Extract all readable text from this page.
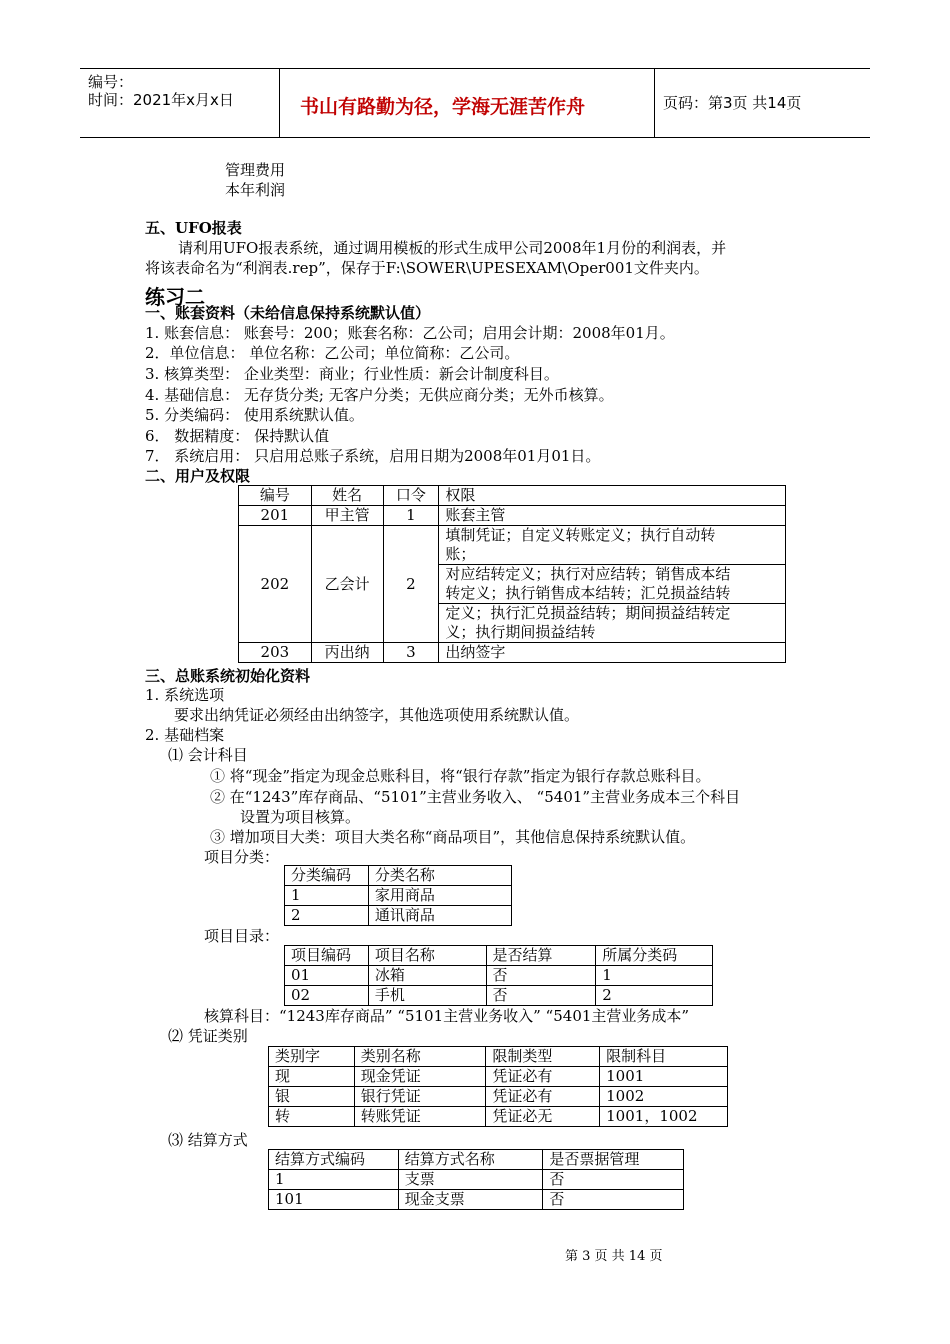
编号：
时间：2021年x月x日	书山有路勤为径，学海无涯苦作舟	页码：第3页 共14页
管理费用
本年利润
五、UFO报表
请利用UFO报表系统，通过调用模板的形式生成甲公司2008年1月份的利润表，并
将该表命名为“利润表.rep”，保存于F:\SOWER\UPESEXAM\Oper001文件夹内。
练习二
一、账套资料（未给信息保持系统默认值）
1. 账套信息： 账套号：200；账套名称：乙公司；启用会计期：2008年01月。
2．单位信息： 单位名称：乙公司；单位简称：乙公司。
3. 核算类型： 企业类型：商业；行业性质：新会计制度科目。
4. 基础信息： 无存货分类; 无客户分类；无供应商分类；无外币核算。
5. 分类编码： 使用系统默认值。
6． 数据精度： 保持默认值
7． 系统启用： 只启用总账子系统，启用日期为2008年01月01日。
二、用户及权限
编号	姓名	口令	权限
201	甲主管	1	账套主管
202	乙会计	2	填制凭证；自定义转账定义；执行自动转
账；

			对应结转定义；执行对应结转；销售成本结
转定义；执行销售成本结转；汇兑损益结转

			定义；执行汇兑损益结转；期间损益结转定
义；执行期间损益结转

203	丙出纳	3	出纳签字
三、总账系统初始化资料
1. 系统选项
要求出纳凭证必须经由出纳签字，其他选项使用系统默认值。
2. 基础档案
⑴ 会计科目
① 将“现金”指定为现金总账科目，将“银行存款”指定为银行存款总账科目。
② 在“1243”库存商品、“5101”主营业务收入、 “5401”主营业务成本三个科目
设置为项目核算。
③ 增加项目大类：项目大类名称“商品项目”，其他信息保持系统默认值。
项目分类：
分类编码	分类名称
1	家用商品
2	通讯商品
项目目录：
项目编码	项目名称	是否结算	所属分类码
01	冰箱	否	1
02	手机	否	2
核算科目：“1243库存商品” “5101主营业务收入” “5401主营业务成本”
⑵ 凭证类别
类别字	类别名称	限制类型	限制科目
现	现金凭证	凭证必有	1001
银	银行凭证	凭证必有	1002
转	转账凭证	凭证必无	1001，1002
⑶ 结算方式
结算方式编码	结算方式名称	是否票据管理
1	支票	否
101	现金支票	否
第 3 页 共 14 页
